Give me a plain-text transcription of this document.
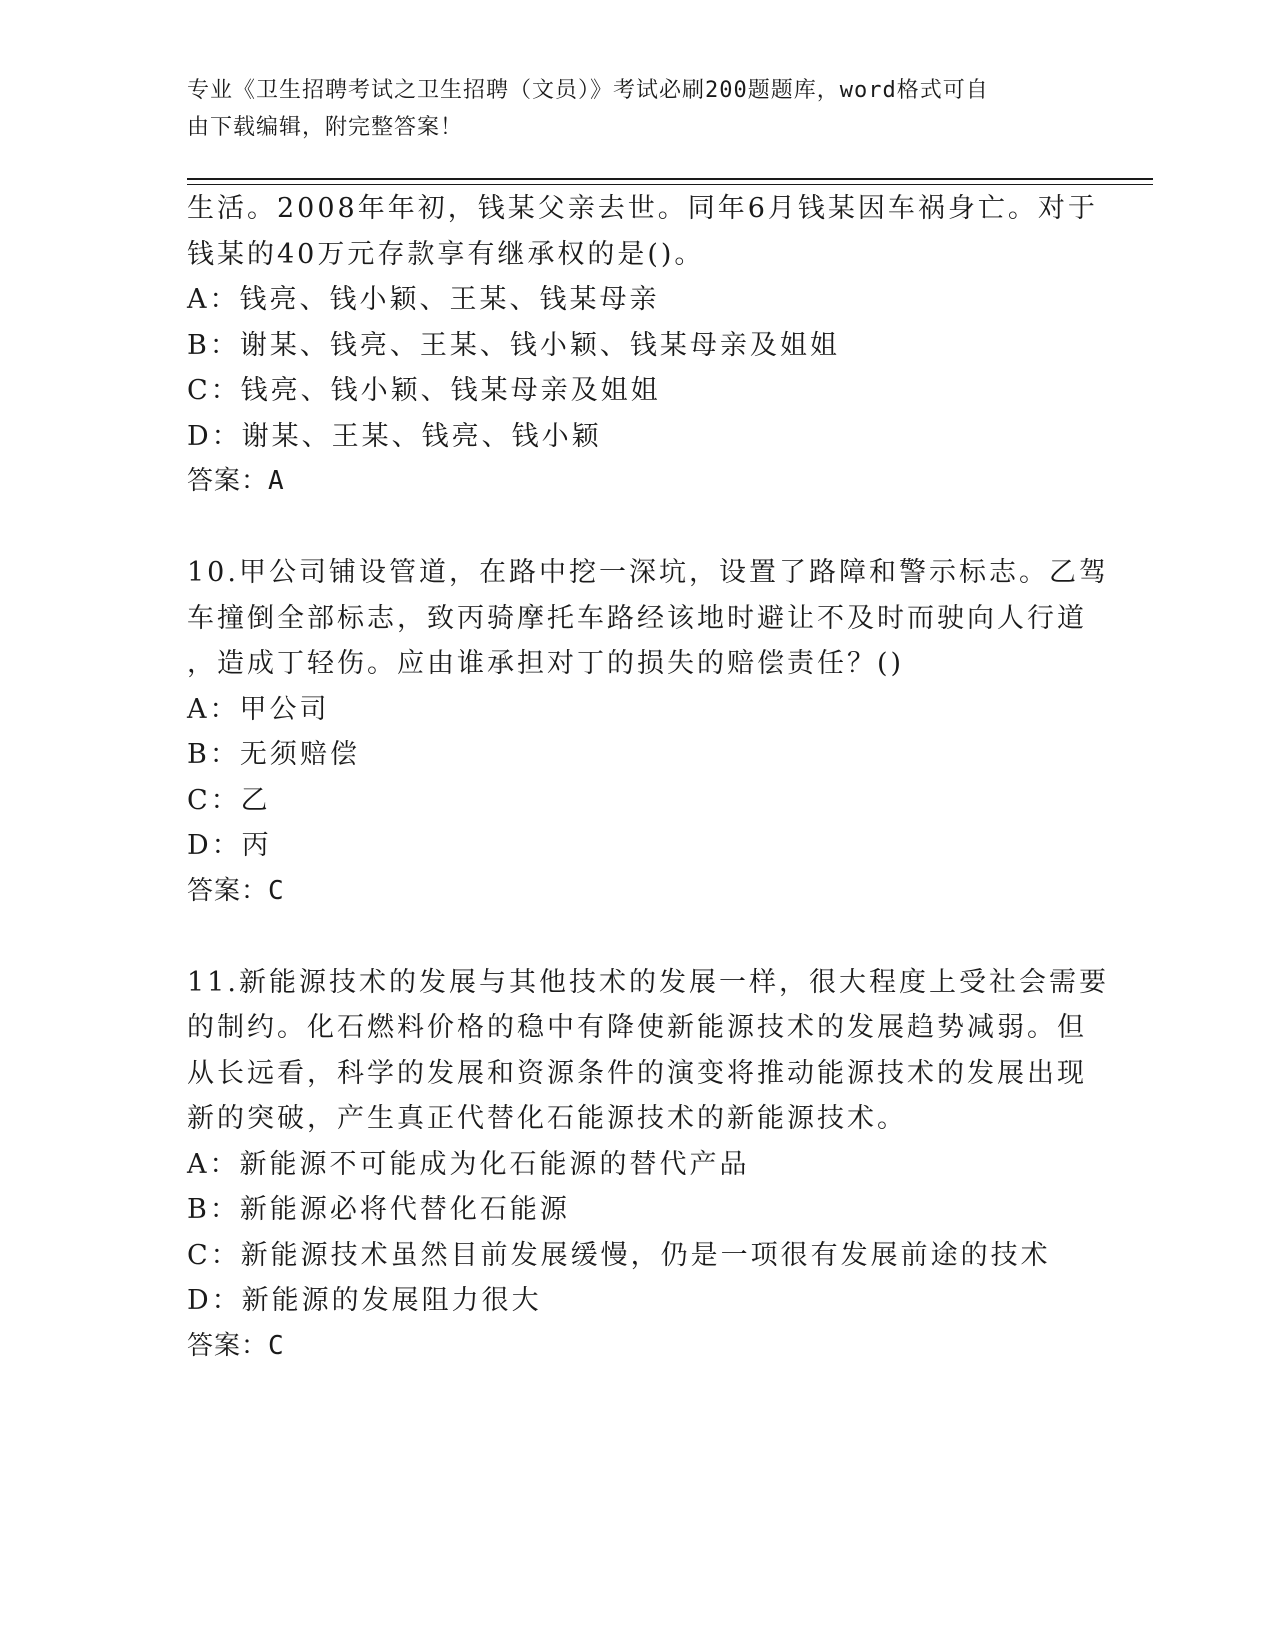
专业《卫生招聘考试之卫生招聘（文员）》考试必刷200题题库，word格式可自
由下载编辑，附完整答案！
生活。2008年年初，钱某父亲去世。同年6月钱某因车祸身亡。对于
钱某的40万元存款享有继承权的是()。
A：钱亮、钱小颖、王某、钱某母亲
B：谢某、钱亮、王某、钱小颖、钱某母亲及姐姐
C：钱亮、钱小颖、钱某母亲及姐姐
D：谢某、王某、钱亮、钱小颖
答案：A
10.甲公司铺设管道，在路中挖一深坑，设置了路障和警示标志。乙驾
车撞倒全部标志，致丙骑摩托车路经该地时避让不及时而驶向人行道
，造成丁轻伤。应由谁承担对丁的损失的赔偿责任？()
A：甲公司
B：无须赔偿
C：乙
D：丙
答案：C
11.新能源技术的发展与其他技术的发展一样，很大程度上受社会需要
的制约。化石燃料价格的稳中有降使新能源技术的发展趋势减弱。但
从长远看，科学的发展和资源条件的演变将推动能源技术的发展出现
新的突破，产生真正代替化石能源技术的新能源技术。
A：新能源不可能成为化石能源的替代产品
B：新能源必将代替化石能源
C：新能源技术虽然目前发展缓慢，仍是一项很有发展前途的技术
D：新能源的发展阻力很大
答案：C
